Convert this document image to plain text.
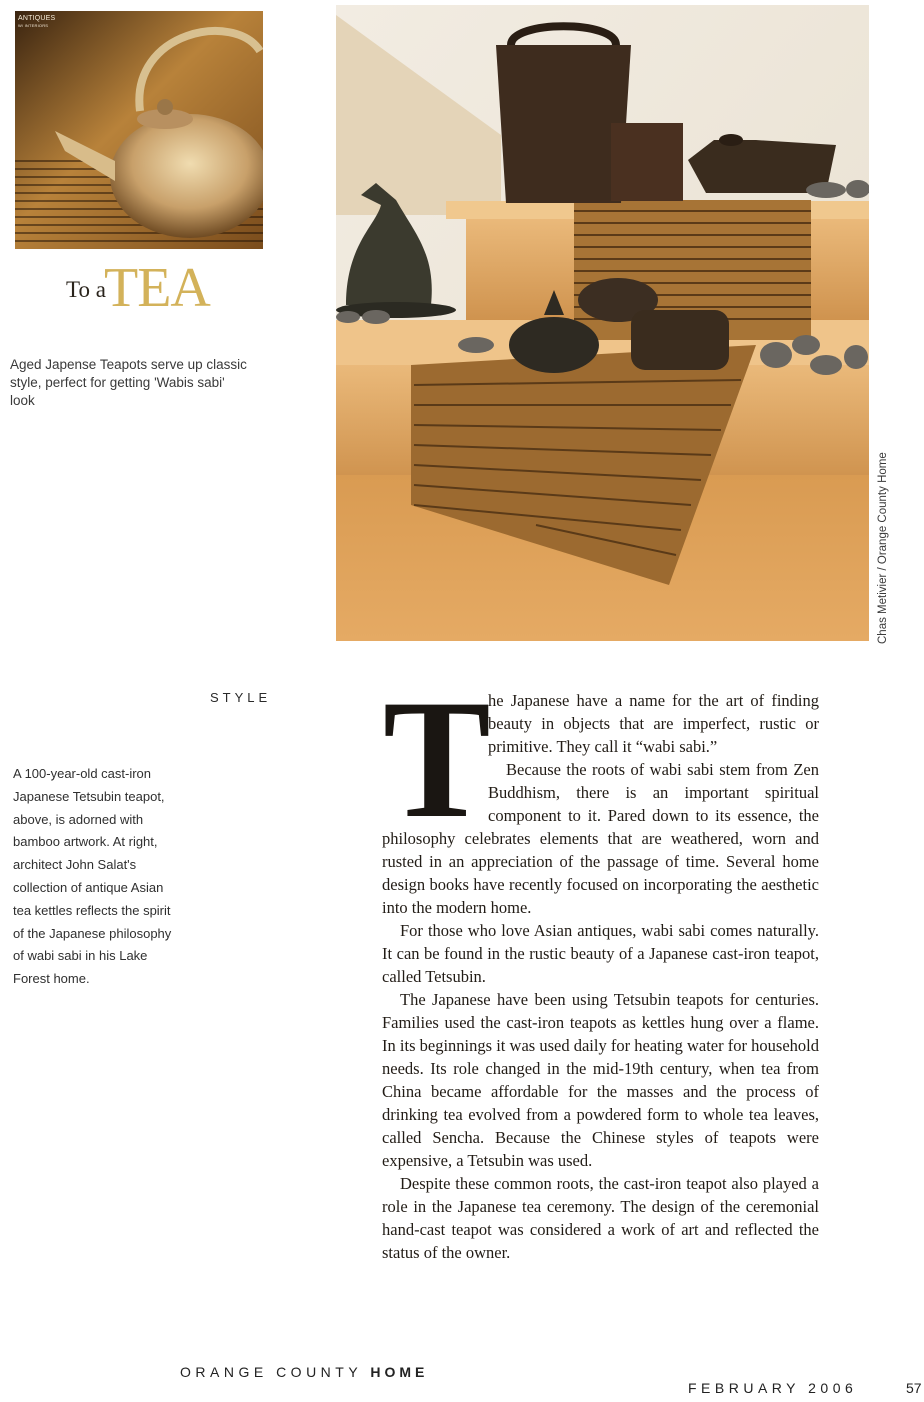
ANTIQUES
W/ INTERIORS
To a
TEA
Aged Japense Teapots serve up classic style, perfect for getting 'Wabis sabi' look
Chas Metivier / Orange County Home
STYLE
A 100-year-old cast-iron Japanese Tetsubin teapot, above, is adorned with bamboo artwork. At right, architect John Salat's collection of antique Asian tea kettles reflects the spirit of the Japanese philosophy of wabi sabi in his Lake Forest home.
T

he Japanese have a name for the art of finding beauty in objects that are imperfect, rustic or primitive. They call it “wabi sabi.”

Because the roots of wabi sabi stem from Zen Buddhism, there is an important spiritual component to it. Pared down to its essence, the philosophy celebrates elements that are weathered, worn and rusted in an appreciation of the passage of time. Several home design books have recently focused on incorporating the aesthetic into the modern home.

For those who love Asian antiques, wabi sabi comes naturally. It can be found in the rustic beauty of a Japanese cast-iron teapot, called Tetsubin.

The Japanese have been using Tetsubin teapots for centuries. Families used the cast-iron teapots as kettles hung over a flame. In its beginnings it was used daily for heating water for household needs. Its role changed in the mid-19th century, when tea from China became affordable for the masses and the process of drinking tea evolved from a powdered form to whole tea leaves, called Sencha. Because the Chinese styles of teapots were expensive, a Tetsubin was used.

Despite these common roots, the cast-iron teapot also played a role in the Japanese tea ceremony. The design of the ceremonial hand-cast teapot was considered a work of art and reflected the status of the owner.

ORANGE COUNTY HOME
FEBRUARY 2006	57
